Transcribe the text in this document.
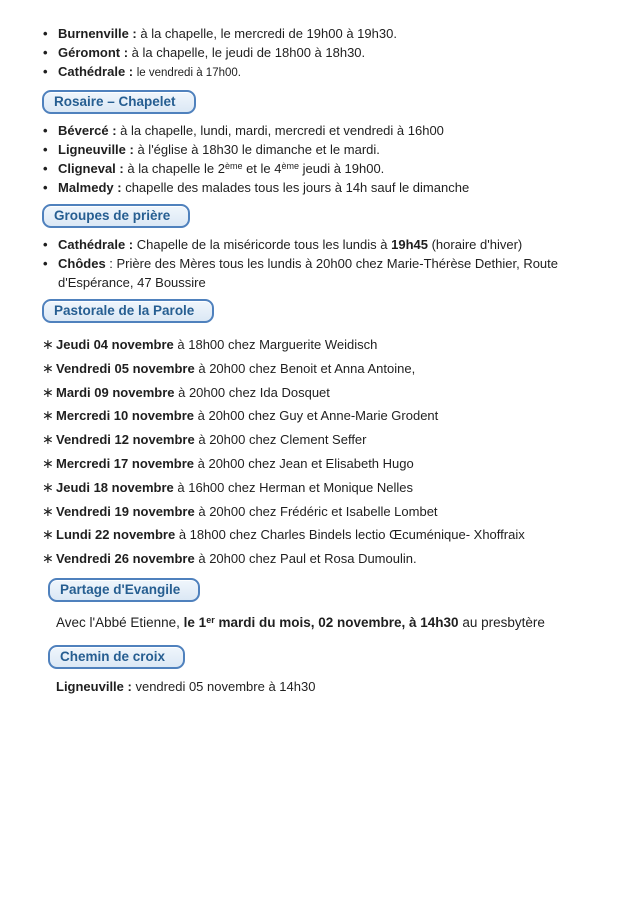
• Burnenville : à la chapelle, le mercredi de 19h00 à 19h30.
• Géromont : à la chapelle, le jeudi de 18h00 à 18h30.
• Cathédrale : le vendredi à 17h00.
Rosaire – Chapelet
• Bévercé : à la chapelle, lundi, mardi, mercredi et vendredi à 16h00
• Ligneuville : à l'église à 18h30 le dimanche et le mardi.
• Cligneval : à la chapelle le 2ème et le 4ème jeudi à 19h00.
• Malmedy : chapelle des malades tous les jours à 14h sauf le dimanche
Groupes de prière
• Cathédrale : Chapelle de la miséricorde tous les lundis à 19h45 (horaire d'hiver)
• Chôdes : Prière des Mères tous les lundis à 20h00 chez Marie-Thérèse Dethier, Route d'Espérance, 47 Boussire
Pastorale de la Parole
∗ Jeudi 04 novembre à 18h00 chez Marguerite Weidisch
∗ Vendredi 05 novembre à 20h00 chez Benoit et Anna Antoine,
∗ Mardi 09 novembre à 20h00 chez Ida Dosquet
∗ Mercredi 10 novembre à 20h00 chez Guy et Anne-Marie Grodent
∗ Vendredi 12 novembre à 20h00 chez Clement Seffer
∗ Mercredi 17 novembre à 20h00 chez Jean et Elisabeth Hugo
∗ Jeudi 18 novembre à 16h00 chez Herman et Monique Nelles
∗ Vendredi 19 novembre à 20h00 chez Frédéric et Isabelle Lombet
∗ Lundi 22 novembre à 18h00 chez Charles Bindels lectio Œcuménique- Xhoffraix
∗ Vendredi 26 novembre à 20h00 chez Paul et Rosa Dumoulin.
Partage d'Evangile
Avec l'Abbé Etienne, le 1er mardi du mois, 02 novembre, à 14h30 au presbytère
Chemin de croix
Ligneuville : vendredi 05 novembre à 14h30
